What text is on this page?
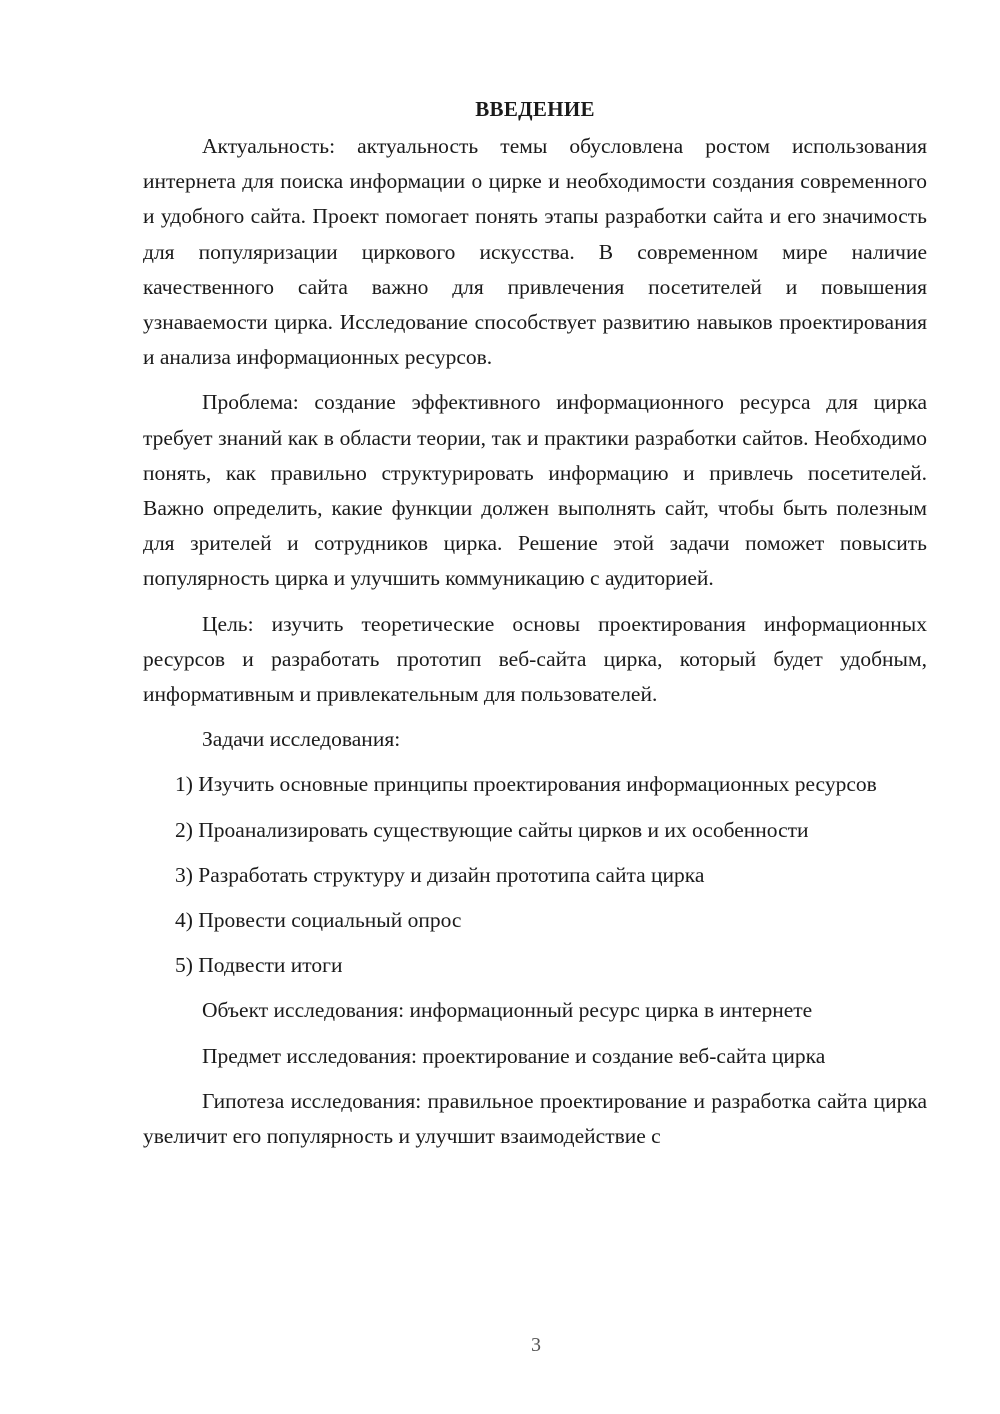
ВВЕДЕНИЕ

Актуальность: актуальность темы обусловлена ростом использования интернета для поиска информации о цирке и необходимости создания современного и удобного сайта. Проект помогает понять этапы разработки сайта и его значимость для популяризации циркового искусства. В современном мире наличие качественного сайта важно для привлечения посетителей и повышения узнаваемости цирка. Исследование способствует развитию навыков проектирования и анализа информационных ресурсов.

Проблема: создание эффективного информационного ресурса для цирка требует знаний как в области теории, так и практики разработки сайтов. Необходимо понять, как правильно структурировать информацию и привлечь посетителей. Важно определить, какие функции должен выполнять сайт, чтобы быть полезным для зрителей и сотрудников цирка. Решение этой задачи поможет повысить популярность цирка и улучшить коммуникацию с аудиторией.

Цель: изучить теоретические основы проектирования информационных ресурсов и разработать прототип веб-сайта цирка, который будет удобным, информативным и привлекательным для пользователей.

Задачи исследования:

1) Изучить основные принципы проектирования информационных ресурсов

2) Проанализировать существующие сайты цирков и их особенности

3) Разработать структуру и дизайн прототипа сайта цирка

4) Провести социальный опрос

5) Подвести итоги

Объект исследования: информационный ресурс цирка в интернете

Предмет исследования: проектирование и создание веб-сайта цирка

Гипотеза исследования: правильное проектирование и разработка сайта цирка увеличит его популярность и улучшит взаимодействие с

3
